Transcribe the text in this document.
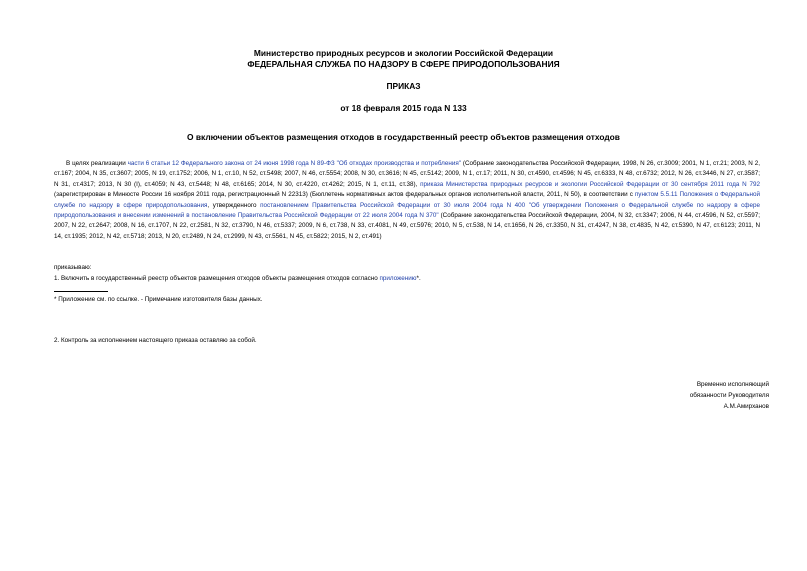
Министерство природных ресурсов и экологии Российской Федерации
ФЕДЕРАЛЬНАЯ СЛУЖБА ПО НАДЗОРУ В СФЕРЕ ПРИРОДОПОЛЬЗОВАНИЯ
ПРИКАЗ
от 18 февраля 2015 года N 133
О включении объектов размещения отходов в государственный реестр объектов размещения отходов
В целях реализации части 6 статьи 12 Федерального закона от 24 июня 1998 года N 89-ФЗ "Об отходах производства и потребления" (Собрание законодательства Российской Федерации, 1998, N 26, ст.3009; 2001, N 1, ст.21; 2003, N 2, ст.167; 2004, N 35, ст.3607; 2005, N 19, ст.1752; 2006, N 1, ст.10, N 52, ст.5498; 2007, N 46, ст.5554; 2008, N 30, ст.3616; N 45, ст.5142; 2009, N 1, ст.17; 2011, N 30, ст.4590, ст.4596; N 45, ст.6333, N 48, ст.6732; 2012, N 26, ст.3446, N 27, ст.3587; N 31, ст.4317; 2013, N 30 (I), ст.4059; N 43, ст.5448; N 48, ст.6165; 2014, N 30, ст.4220, ст.4262; 2015, N 1, ст.11, ст.38), приказа Министерства природных ресурсов и экологии Российской Федерации от 30 сентября 2011 года N 792 (зарегистрирован в Минюсте России 16 ноября 2011 года, регистрационный N 22313) (Бюллетень нормативных актов федеральных органов исполнительной власти, 2011, N 50), в соответствии с пунктом 5.5.11 Положения о Федеральной службе по надзору в сфере природопользования, утвержденного постановлением Правительства Российской Федерации от 30 июля 2004 года N 400 "Об утверждении Положения о Федеральной службе по надзору в сфере природопользования и внесении изменений в постановление Правительства Российской Федерации от 22 июля 2004 года N 370" (Собрание законодательства Российской Федерации, 2004, N 32, ст.3347; 2006, N 44, ст.4596, N 52, ст.5597; 2007, N 22, ст.2647; 2008, N 16, ст.1707, N 22, ст.2581, N 32, ст.3790, N 46, ст.5337; 2009, N 6, ст.738, N 33, ст.4081, N 49, ст.5976; 2010, N 5, ст.538, N 14, ст.1656, N 26, ст.3350, N 31, ст.4247, N 38, ст.4835, N 42, ст.5390, N 47, ст.6123; 2011, N 14, ст.1935; 2012, N 42, ст.5718; 2013, N 20, ст.2489, N 24, ст.2999, N 43, ст.5561, N 45, ст.5822; 2015, N 2, ст.491)
приказываю:
1. Включить в государственный реестр объектов размещения отходов объекты размещения отходов согласно приложению*.
* Приложение см. по ссылке. - Примечание изготовителя базы данных.
2. Контроль за исполнением настоящего приказа оставляю за собой.
Временно исполняющий
обязанности Руководителя
А.М.Амирханов
